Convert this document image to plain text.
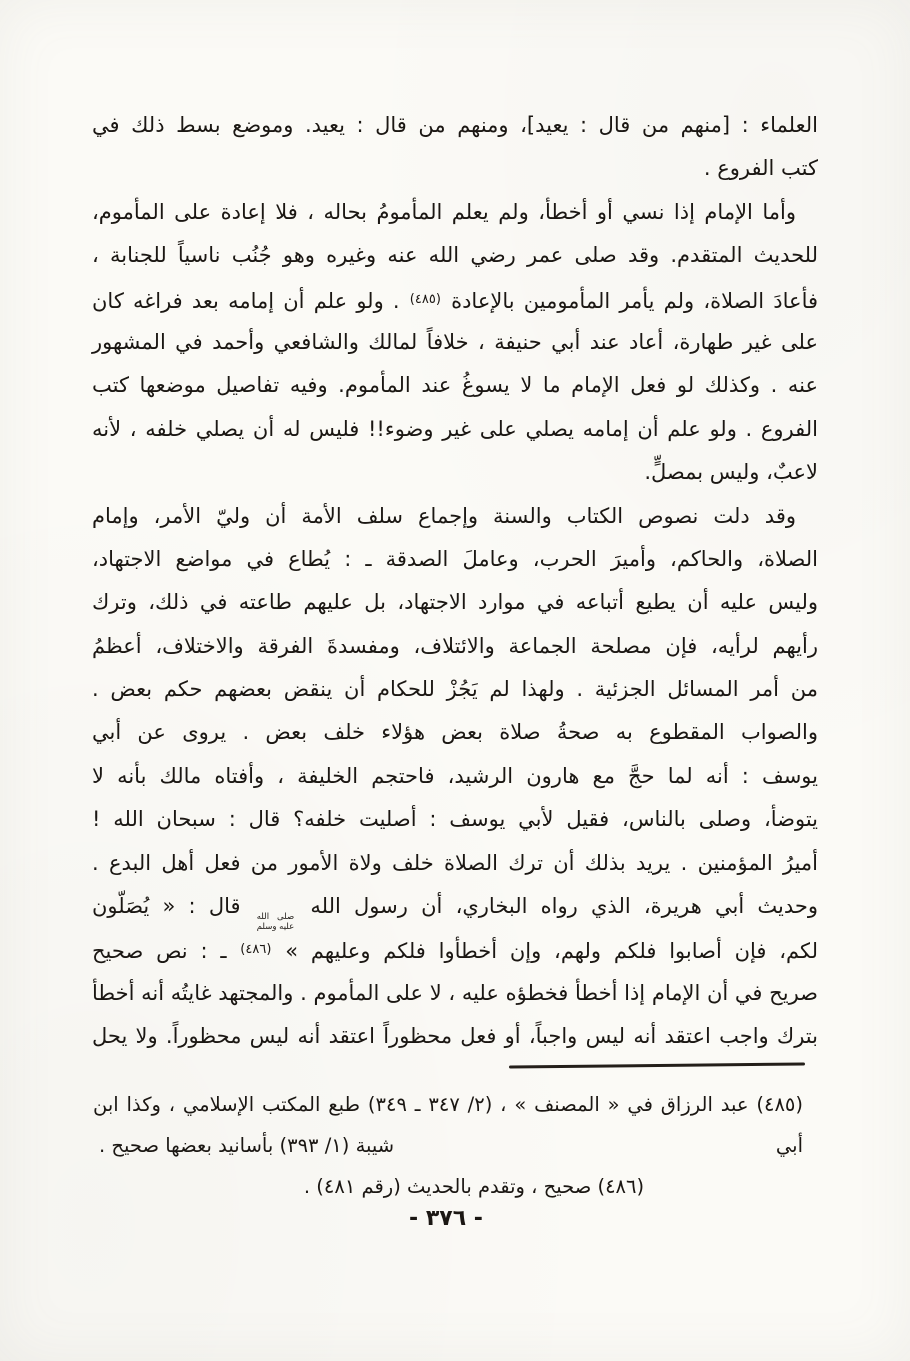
العلماء : [منهم من قال : يعيد]، ومنهم من قال : يعيد. وموضع بسط ذلك في
كتب الفروع .
وأما الإمام إذا نسي أو أخطأ، ولم يعلم المأمومُ بحاله ، فلا إعادة على المأموم،
للحديث المتقدم. وقد صلى عمر رضي الله عنه وغيره وهو جُنُب ناسياً للجنابة ،
فأعادَ الصلاة، ولم يأمر المأمومين بالإعادة $^{(٤٨٥)}$ . ولو علم أن إمامه بعد فراغه كان
على غير طهارة، أعاد عند أبي حنيفة ، خلافاً لمالك والشافعي وأحمد في المشهور
عنه . وكذلك لو فعل الإمام ما لا يسوغُ عند المأموم. وفيه تفاصيل موضعها كتب
الفروع . ولو علم أن إمامه يصلي على غير وضوء!! فليس له أن يصلي خلفه ، لأنه
لاعبٌ، وليس بمصلٍّ.
وقد دلت نصوص الكتاب والسنة وإجماع سلف الأمة أن وليّ الأمر، وإمام
الصلاة، والحاكم، وأميرَ الحرب، وعاملَ الصدقة ـ : يُطاع في مواضع الاجتهاد،
وليس عليه أن يطيع أتباعه في موارد الاجتهاد، بل عليهم طاعته في ذلك، وترك
رأيهم لرأيه، فإن مصلحة الجماعة والائتلاف، ومفسدةَ الفرقة والاختلاف، أعظمُ
من أمر المسائل الجزئية . ولهذا لم يَجُزْ للحكام أن ينقض بعضهم حكم بعض .
والصواب المقطوع به صحةُ صلاة بعض هؤلاء خلف بعض . يروى عن أبي
يوسف : أنه لما حجَّ مع هارون الرشيد، فاحتجم الخليفة ، وأفتاه مالك بأنه لا
يتوضأ، وصلى بالناس، فقيل لأبي يوسف : أصليت خلفه؟ قال : سبحان الله !
أميرُ المؤمنين . يريد بذلك أن ترك الصلاة خلف ولاة الأمور من فعل أهل البدع .
وحديث أبي هريرة، الذي رواه البخاري، أن رسول الله
صلى الله
عليه وسلم
قال : « يُصَلّون
لكم، فإن أصابوا فلكم ولهم، وإن أخطأوا فلكم وعليهم » $^{(٤٨٦)}$ ـ : نص صحيح
صريح في أن الإمام إذا أخطأ فخطؤه عليه ، لا على المأموم . والمجتهد غايتُه أنه أخطأ
بترك واجب اعتقد أنه ليس واجباً، أو فعل محظوراً اعتقد أنه ليس محظوراً. ولا يحل
(٤٨٥) عبد الرزاق في « المصنف » ، (٢/ ٣٤٧ ـ ٣٤٩) طبع المكتب الإسلامي ، وكذا ابن أبي
شيبة (١/ ٣٩٣) بأسانيد بعضها صحيح .
(٤٨٦) صحيح ، وتقدم بالحديث (رقم ٤٨١) .
- ٣٧٦ -
